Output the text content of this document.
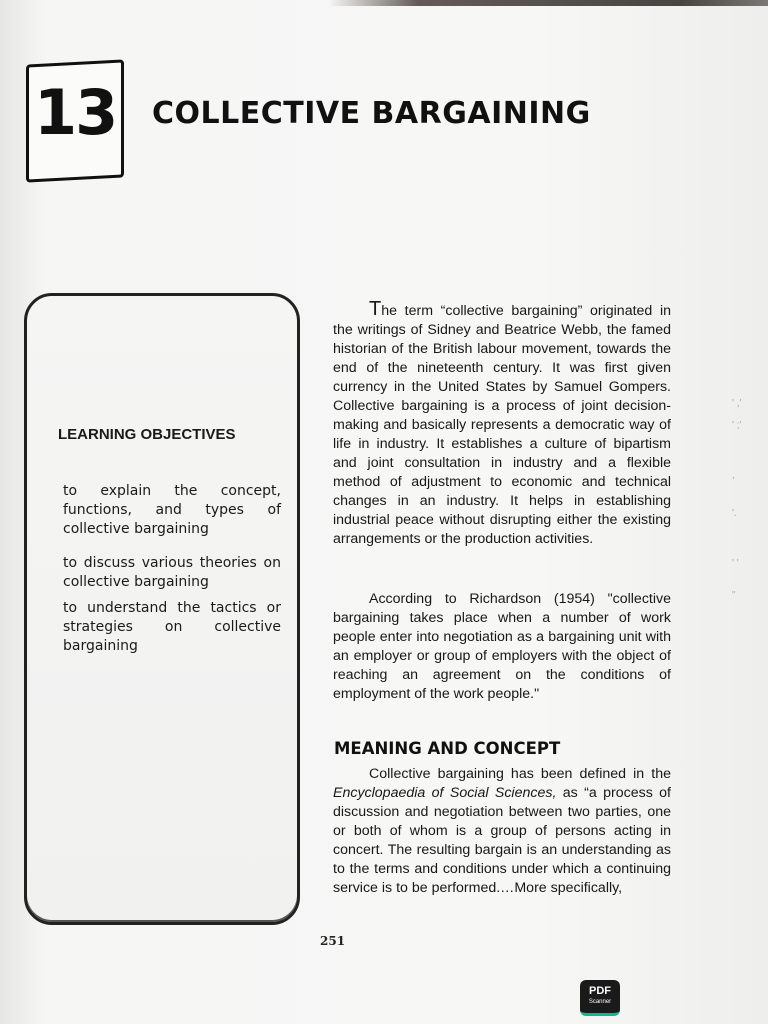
13 COLLECTIVE BARGAINING
LEARNING OBJECTIVES
to explain the concept, functions, and types of collective bargaining
to discuss various theories on collective bargaining
to understand the tactics or strategies on collective bargaining
The term “collective bargaining” originated in the writings of Sidney and Beatrice Webb, the famed historian of the British labour movement, towards the end of the nineteenth century. It was first given currency in the United States by Samuel Gompers. Collective bargaining is a process of joint decision-making and basically represents a democratic way of life in industry. It establishes a culture of bipartism and joint consultation in industry and a flexible method of adjustment to economic and technical changes in an industry. It helps in establishing industrial peace without disrupting either the existing arrangements or the production activities.
According to Richardson (1954) "collective bargaining takes place when a number of work people enter into negotiation as a bargaining unit with an employer or group of employers with the object of reaching an agreement on the conditions of employment of the work people."
MEANING AND CONCEPT
Collective bargaining has been defined in the Encyclopaedia of Social Sciences, as “a process of discussion and negotiation between two parties, one or both of whom is a group of persons acting in concert. The resulting bargain is an understanding as to the terms and conditions under which a continuing service is to be performed.…More specifically,
251
' ,'
' ;'
,
'.
' '
"
PDF
Scanner
